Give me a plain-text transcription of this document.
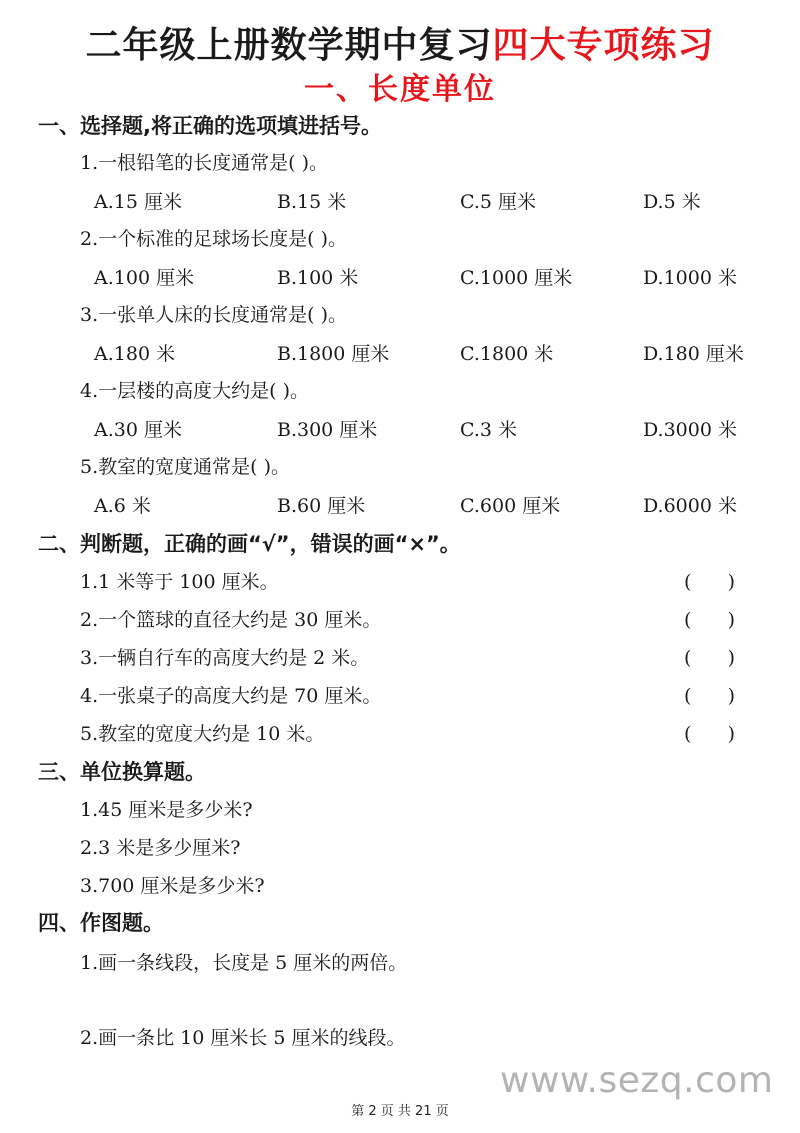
二年级上册数学期中复习四大专项练习
一、长度单位
一、选择题,将正确的选项填进括号。
1.一根铅笔的长度通常是( )。
A.15 厘米	B.15 米	C.5 厘米	D.5 米
2.一个标准的足球场长度是( )。
A.100 厘米	B.100 米	C.1000 厘米	D.1000 米
3.一张单人床的长度通常是( )。
A.180 米	B.1800 厘米	C.1800 米	D.180 厘米
4.一层楼的高度大约是( )。
A.30 厘米	B.300 厘米	C.3 米	D.3000 米
5.教室的宽度通常是( )。
A.6 米	B.60 厘米	C.600 厘米	D.6000 米
二、判断题，正确的画“√”，错误的画“×”。
1.1 米等于 100 厘米。	(      )
2.一个篮球的直径大约是 30 厘米。	(      )
3.一辆自行车的高度大约是 2 米。	(      )
4.一张桌子的高度大约是 70 厘米。	(      )
5.教室的宽度大约是 10 米。	(      )
三、单位换算题。
1.45 厘米是多少米?
2.3 米是多少厘米?
3.700 厘米是多少米?
四、作图题。
1.画一条线段，长度是 5 厘米的两倍。
2.画一条比 10 厘米长 5 厘米的线段。
www.sezq.com
第 2 页 共 21 页
